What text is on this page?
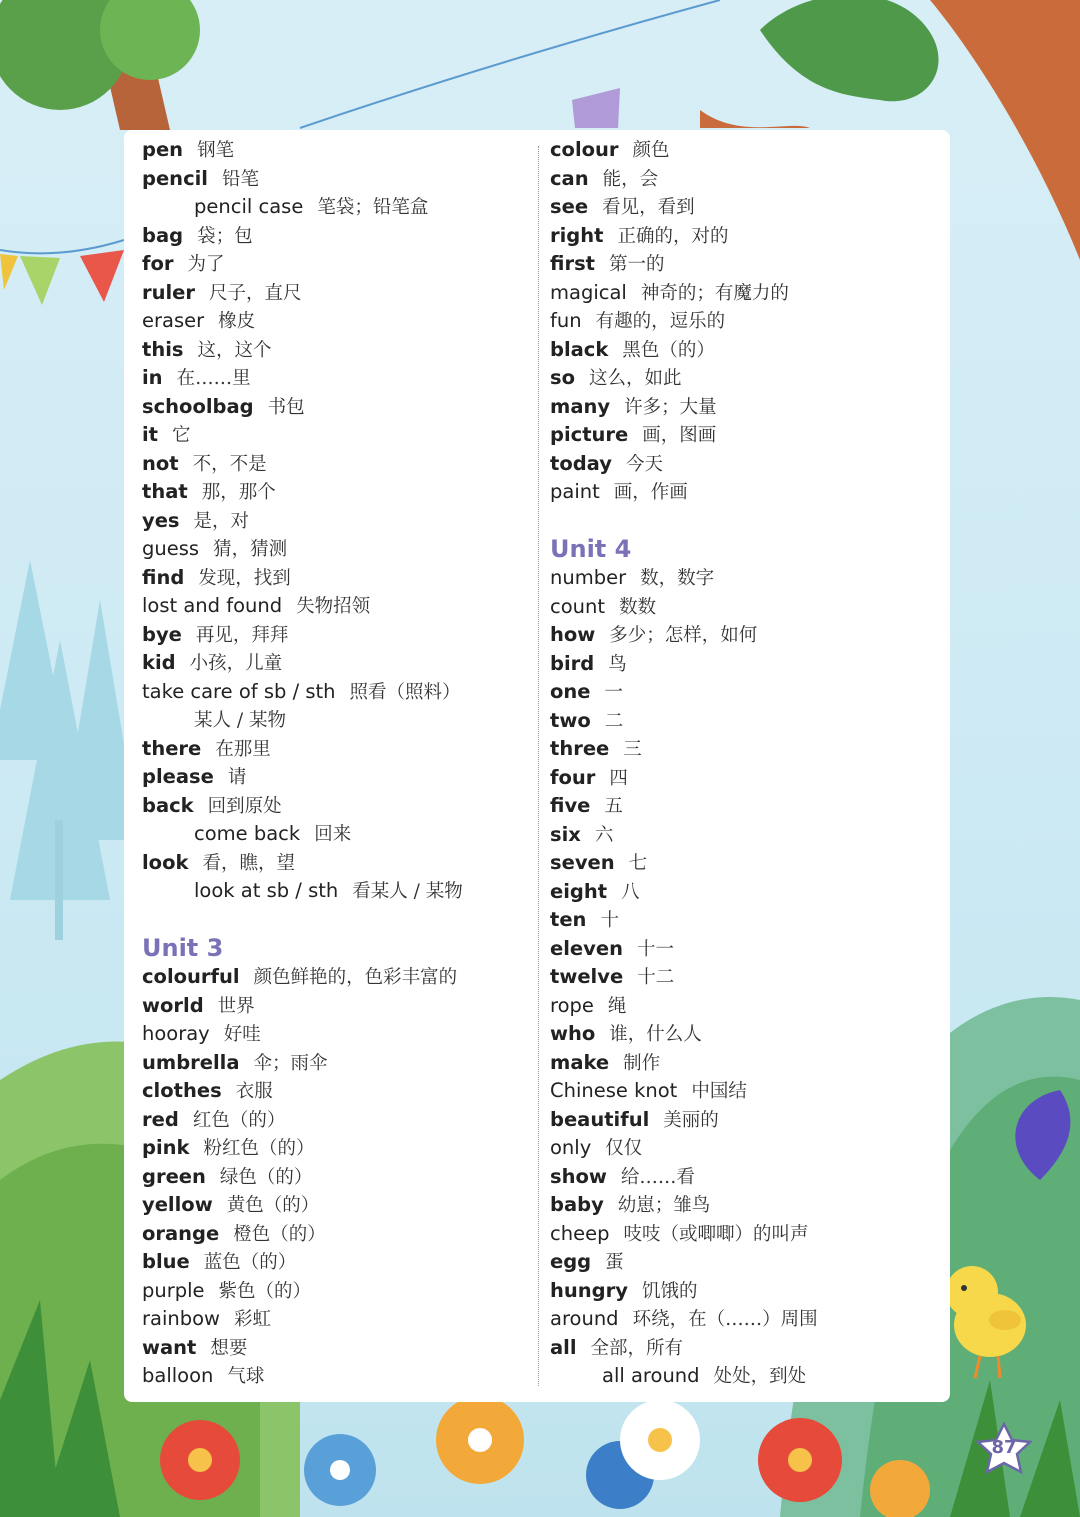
pen 钢笔
pencil 铅笔
pencil case 笔袋；铅笔盒
bag 袋；包
for 为了
ruler 尺子，直尺
eraser 橡皮
this 这，这个
in 在……里
schoolbag 书包
it 它
not 不，不是
that 那，那个
yes 是，对
guess 猜，猜测
find 发现，找到
lost and found 失物招领
bye 再见，拜拜
kid 小孩，儿童
take care of sb / sth 照看（照料）
某人 / 某物
there 在那里
please 请
back 回到原处
come back 回来
look 看，瞧，望
look at sb / sth 看某人 / 某物
Unit 3
colourful 颜色鲜艳的，色彩丰富的
world 世界
hooray 好哇
umbrella 伞；雨伞
clothes 衣服
red 红色（的）
pink 粉红色（的）
green 绿色（的）
yellow 黄色（的）
orange 橙色（的）
blue 蓝色（的）
purple 紫色（的）
rainbow 彩虹
want 想要
balloon 气球
colour 颜色
can 能，会
see 看见，看到
right 正确的，对的
first 第一的
magical 神奇的；有魔力的
fun 有趣的，逗乐的
black 黑色（的）
so 这么，如此
many 许多；大量
picture 画，图画
today 今天
paint 画，作画
Unit 4
number 数，数字
count 数数
how 多少；怎样，如何
bird 鸟
one 一
two 二
three 三
four 四
five 五
six 六
seven 七
eight 八
ten 十
eleven 十一
twelve 十二
rope 绳
who 谁，什么人
make 制作
Chinese knot 中国结
beautiful 美丽的
only 仅仅
show 给……看
baby 幼崽；雏鸟
cheep 吱吱（或唧唧）的叫声
egg 蛋
hungry 饥饿的
around 环绕，在（……）周围
all 全部，所有
all around 处处，到处
87
